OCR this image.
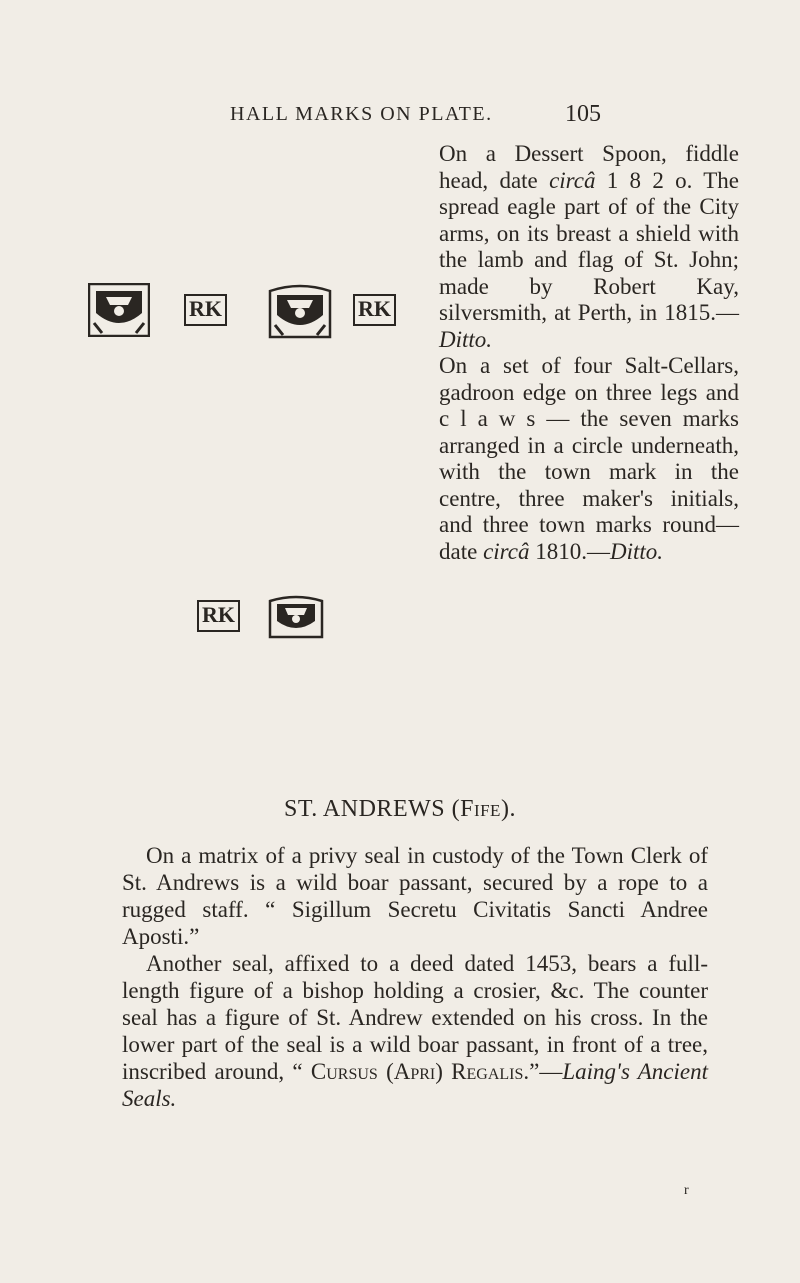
HALL MARKS ON PLATE.	105
RK	RK
RK

On a Dessert Spoon, fiddle head, date circâ 1 8 2 o. The spread eagle part of of the City arms, on its breast a shield with the lamb and flag of St. John; made by Robert Kay, silversmith, at Perth, in 1815.—Ditto.

On a set of four Salt-Cellars, gadroon edge on three legs and c l a w s — the seven marks arranged in a circle underneath, with the town mark in the centre, three maker's initials, and three town marks round—date circâ 1810.—Ditto.

ST. ANDREWS (Fife).

On a matrix of a privy seal in custody of the Town Clerk of St. Andrews is a wild boar passant, secured by a rope to a rugged staff. “ Sigillum Secretu Civitatis Sancti Andree Aposti.”

Another seal, affixed to a deed dated 1453, bears a full-length figure of a bishop holding a crosier, &c. The counter seal has a figure of St. Andrew extended on his cross. In the lower part of the seal is a wild boar passant, in front of a tree, inscribed around, “ Cursus (Apri) Regalis.”—Laing's Ancient Seals.

r
